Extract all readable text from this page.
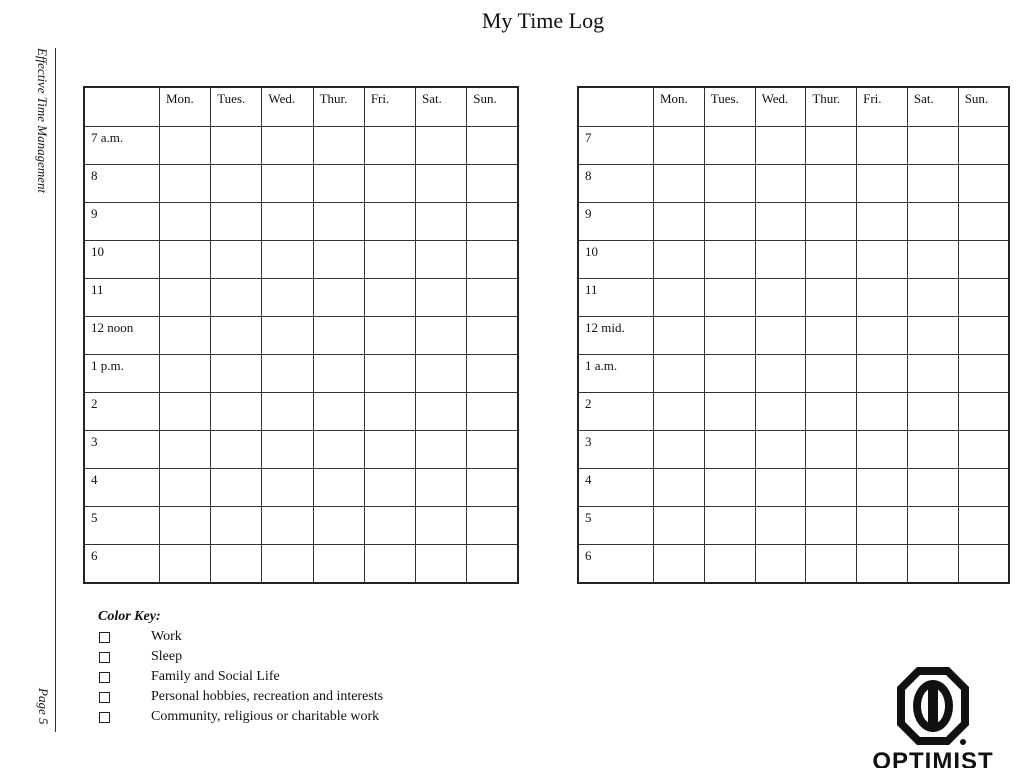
My Time Log
Effective Time Management
Page 5
	Mon.	Tues.	Wed.	Thur.	Fri.	Sat.	Sun.
7 a.m.							
8							
9							
10							
11							
12 noon							
1 p.m.							
2							
3							
4							
5							
6							
	Mon.	Tues.	Wed.	Thur.	Fri.	Sat.	Sun.
7							
8							
9							
10							
11							
12 mid.							
1 a.m.							
2							
3							
4							
5							
6							
Color Key:
Work
Sleep
Family and Social Life
Personal hobbies, recreation and interests
Community, religious or charitable work
OPTIMIST
